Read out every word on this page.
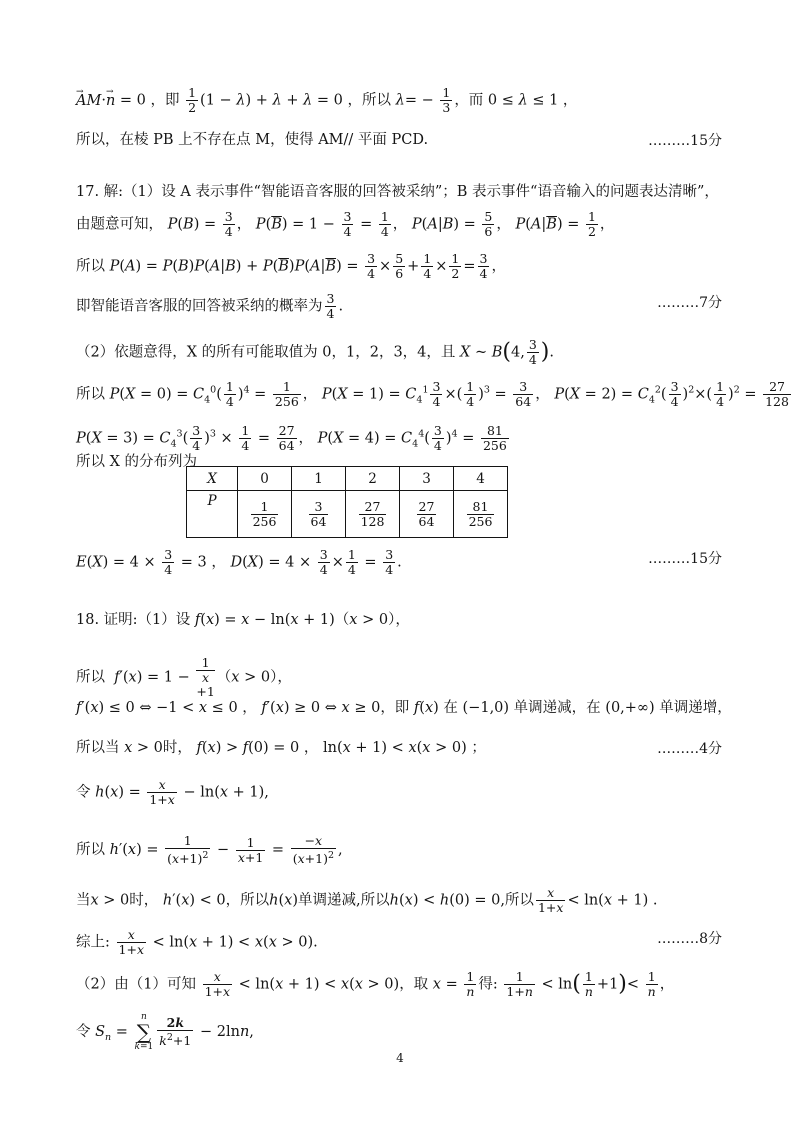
AM →·n → = 0 ，即 $\frac{1}{2} (1 - \lambda) + \lambda + \lambda = 0$ ，所以 $\lambda= - \frac{1}{3}$ ，而 0 ≤ λ ≤ 1 ，
所以，在棱 PB 上不存在点 M，使得 AM// 平面 PCD.	………15分
17. 解:（1）设 A 表示事件“智能语音客服的回答被采纳”；B 表示事件“语音输入的问题表达清晰”，
由题意可知， $P(B) = \frac{3}{4}$ ， $P(\overline{B}) = 1 - \frac{3}{4} = \frac{1}{4}$ ， $P(A|B) = \frac{5}{6}$ ， $P(A|\overline{B}) = \frac{1}{2}$ ，
所以 $P(A) = P(B)P(A|B) + P(\overline{B})P(A|\overline{B}) = \frac{3}{4} \times \frac{5}{6} + \frac{1}{4} \times \frac{1}{2} = \frac{3}{4}$ ，
即智能语音客服的回答被采纳的概率为 $\frac{3}{4}$ .	………7分
（2）依题意得，X 的所有可能取值为 0，1，2，3，4，且 X ~ B(4, $\frac{3}{4}$ ).
所以 $P(X = 0) = C_4^0( \frac{1}{4} )^4 = \frac{1}{256}$ ， $P(X = 1) = C_4^1 \frac{3}{4}$ ×( $\frac{1}{4} )^3 = \frac{3}{64}$ ， $P(X = 2) = C_4^2( \frac{3}{4} )^2\times( \frac{1}{4} )^2 = \frac{27}{128}$
$P(X = 3) = C_4^3( \frac{3}{4} )^3 \times \frac{1}{4} = \frac{27}{64}$ ， $P(X = 4) = C_4^4( \frac{3}{4} )^4 = \frac{81}{256}$
所以 X 的分布列为
X	0	1	2	3	4
P	$\frac{1}{256}$	$\frac{3}{64}$	$\frac{27}{128}$	$\frac{27}{64}$	$\frac{81}{256}$
$E(X) = 4 \times \frac{3}{4} = 3$ ， $D(X) = 4 \times \frac{3}{4} \times \frac{1}{4} = \frac{3}{4}$ .	………15分
18. 证明:（1）设 f(x) = x − ln(x + 1)（x > 0），
所以 f′(x) = 1 −
1
x
+1（x > 0），
f′(x) ≤ 0 ⇔ −1 < x ≤ 0 ， f′(x) ≥ 0 ⇔ x ≥ 0，即 f(x) 在 (−1,0) 单调递减，在 (0,+∞) 单调递增，
所以当 x > 0时， f(x) > f(0) = 0 ， ln(x + 1) < x(x > 0) ；	………4分
令 $h(x) = \frac{x}{1+x} - \ln(x + 1)$,
所以 $h'(x) = \frac{1}{(x+1)^2} - \frac{1}{x+1} = \frac{-x}{(x+1)^2}$ ,
当x > 0时， h′(x) < 0，所以h(x)单调递减,所以h(x) < h(0) = 0,所以 $\frac{x}{1+x} < \ln(x + 1)$ .
综上: $\frac{x}{1+x} < \ln(x + 1) < x(x > 0)$.	………8分
（2）由（1）可知 $\frac{x}{1+x} < \ln(x + 1) < x(x > 0)$，取 $x = \frac{1}{n}$ 得: $\frac{1}{1+n} < \ln( \frac{1}{n} +1)< \frac{1}{n}$ ，
令 $S_n = n$
∑
$k=1 \frac{2k}{k^2+1} - 2\ln n$,
4
